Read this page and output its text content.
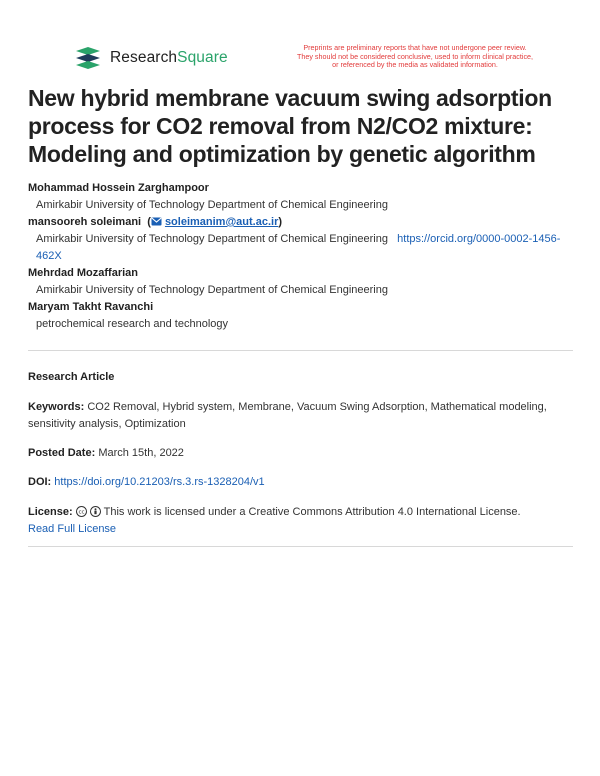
ResearchSquare
Preprints are preliminary reports that have not undergone peer review.
They should not be considered conclusive, used to inform clinical practice,
or referenced by the media as validated information.
New hybrid membrane vacuum swing adsorption process for CO2 removal from N2/CO2 mixture: Modeling and optimization by genetic algorithm
Mohammad Hossein Zarghampoor
Amirkabir University of Technology Department of Chemical Engineering
mansooreh soleimani  ( soleimanim@aut.ac.ir)
Amirkabir University of Technology Department of Chemical Engineering https://orcid.org/0000-0002-1456-462X
Mehrdad Mozaffarian
Amirkabir University of Technology Department of Chemical Engineering
Maryam Takht Ravanchi
petrochemical research and technology
Research Article
Keywords: CO2 Removal, Hybrid system, Membrane, Vacuum Swing Adsorption, Mathematical modeling, sensitivity analysis, Optimization
Posted Date: March 15th, 2022
DOI: https://doi.org/10.21203/rs.3.rs-1328204/v1
License: cc This work is licensed under a Creative Commons Attribution 4.0 International License.
Read Full License
